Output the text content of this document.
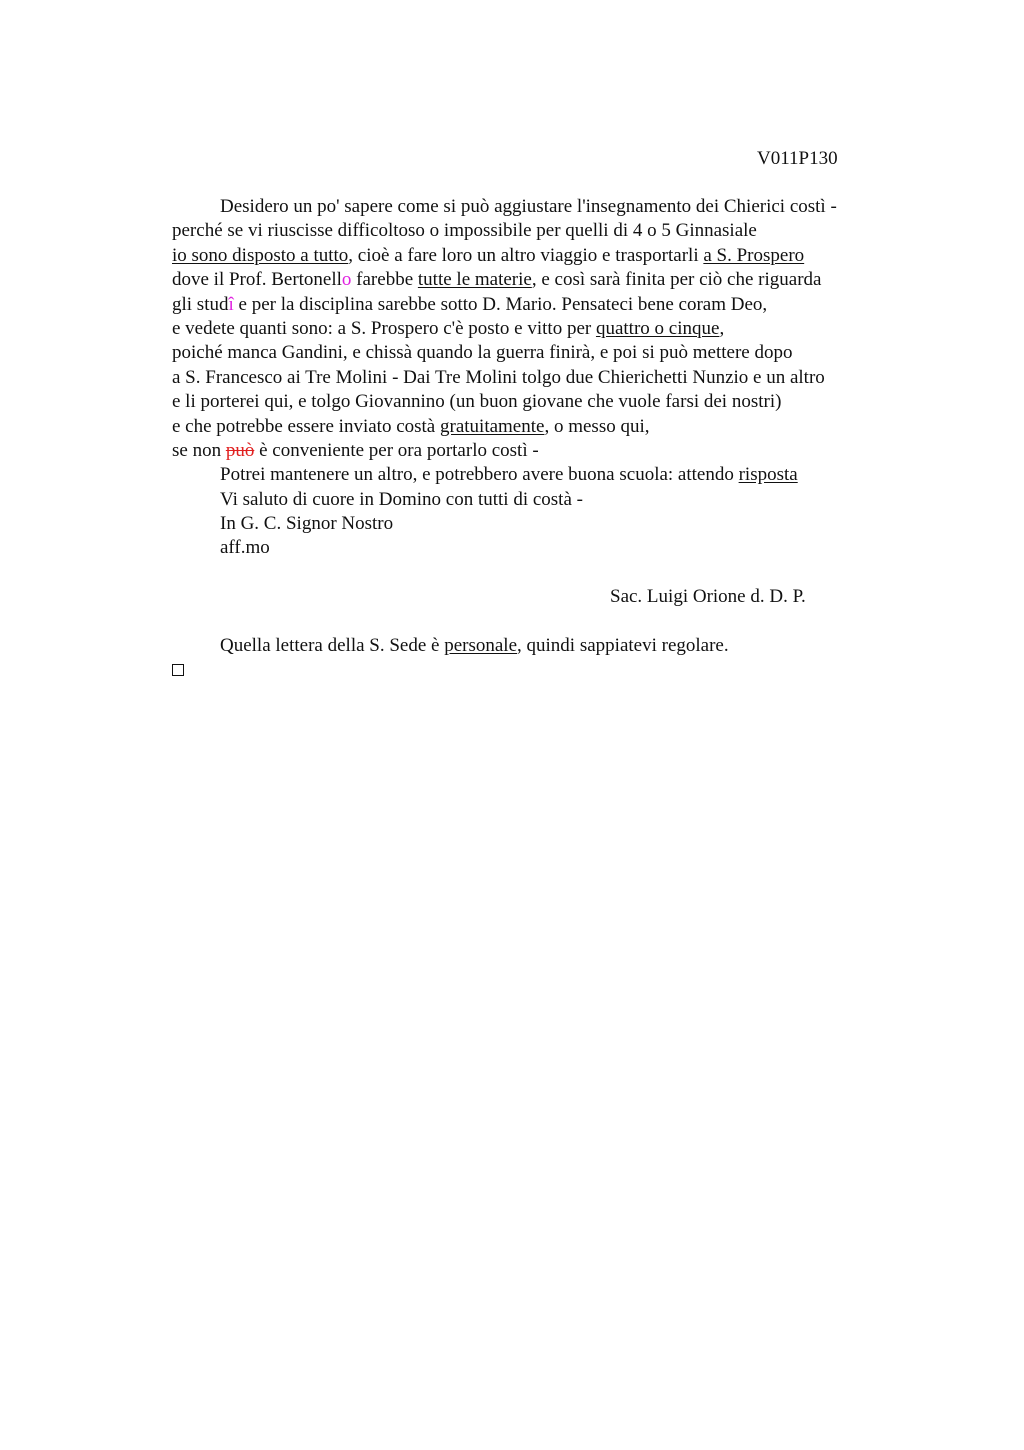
V011P130
Desidero un po' sapere come si può aggiustare l'insegnamento dei Chierici costì -
perché se vi riuscisse difficoltoso o impossibile per quelli di 4 o 5 Ginnasiale
io sono disposto a tutto, cioè a fare loro un altro viaggio e trasportarli a S. Prospero
dove il Prof. Bertonello farebbe tutte le materie, e così sarà finita per ciò che riguarda
gli studî e per la disciplina sarebbe sotto D. Mario. Pensateci bene coram Deo,
e vedete quanti sono: a S. Prospero c'è posto e vitto per quattro o cinque,
poiché manca Gandini, e chissà quando la guerra finirà, e poi si può mettere dopo
a S. Francesco ai Tre Molini - Dai Tre Molini tolgo due Chierichetti Nunzio e un altro
e li porterei qui, e tolgo Giovannino (un buon giovane che vuole farsi dei nostri)
e che potrebbe essere inviato costà gratuitamente, o messo qui,
se non può è conveniente per ora portarlo costì -
Potrei mantenere un altro, e potrebbero avere buona scuola: attendo risposta
Vi saluto di cuore in Domino con tutti di costà -
In G. C. Signor Nostro
aff.mo
Sac. Luigi Orione d. D. P.
Quella lettera della S. Sede è personale, quindi sappiatevi regolare.
